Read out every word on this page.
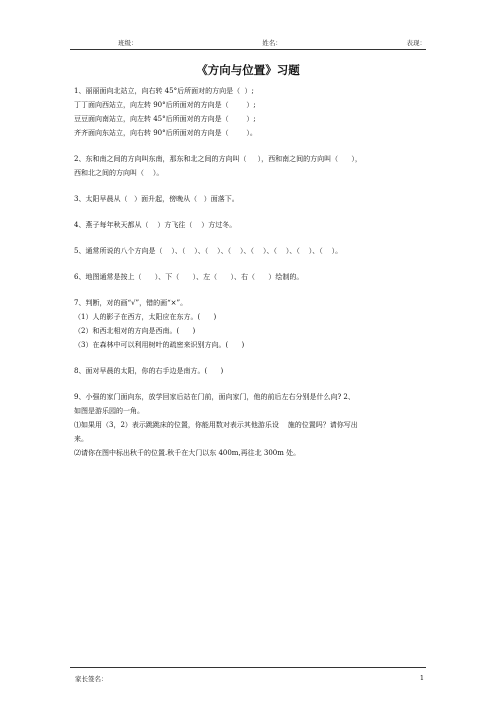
班级：	姓名：	表现：
《方向与位置》习题

1、丽丽面向北站立，向右转 45°后所面对的方向是（  ）;

丁丁面向西站立，向左转 90°后所面对的方向是（        ）;

豆豆面向南站立，向左转 45°后所面对的方向是（        ）;

齐齐面向东站立，向右转 90°后所面对的方向是（        ）。

2、东和南之间的方向叫东南，那东和北之间的方向叫（     ），西和南之间的方向叫（      ），

西和北之间的方向叫（    ）。

3、太阳早晨从（   ）面升起，傍晚从（   ）面落下。

4、燕子每年秋天都从（    ）方飞往（    ）方过冬。

5、通常所说的八个方向是（    ）、（    ）、（    ）、（    ）、（    ）、（    ）、（    ）、（    ）。

6、地图通常是按上（      ）、下（      ）、左（      ）、右（      ）绘制的。

7、判断，对的画“√”，错的画“×”。

（1）人的影子在西方，太阳应在东方。(      )

（2）和西北相对的方向是西南。(      )

（3）在森林中可以利用树叶的疏密来识别方向。(      )

8、面对早晨的太阳，你的右手边是南方。(      )

9、小强的家门面向东，放学回家后站在门前，面向家门，他的前后左右分别是什么向? 2、

如图是游乐园的一角。

⑴如果用（3，2）表示跳跳床的位置，你能用数对表示其他游乐设    施的位置吗？请你写出

来。

⑵请你在图中标出秋千的位置.秋千在大门以东 400m,再往北 300m 处。

家长签名：	1
